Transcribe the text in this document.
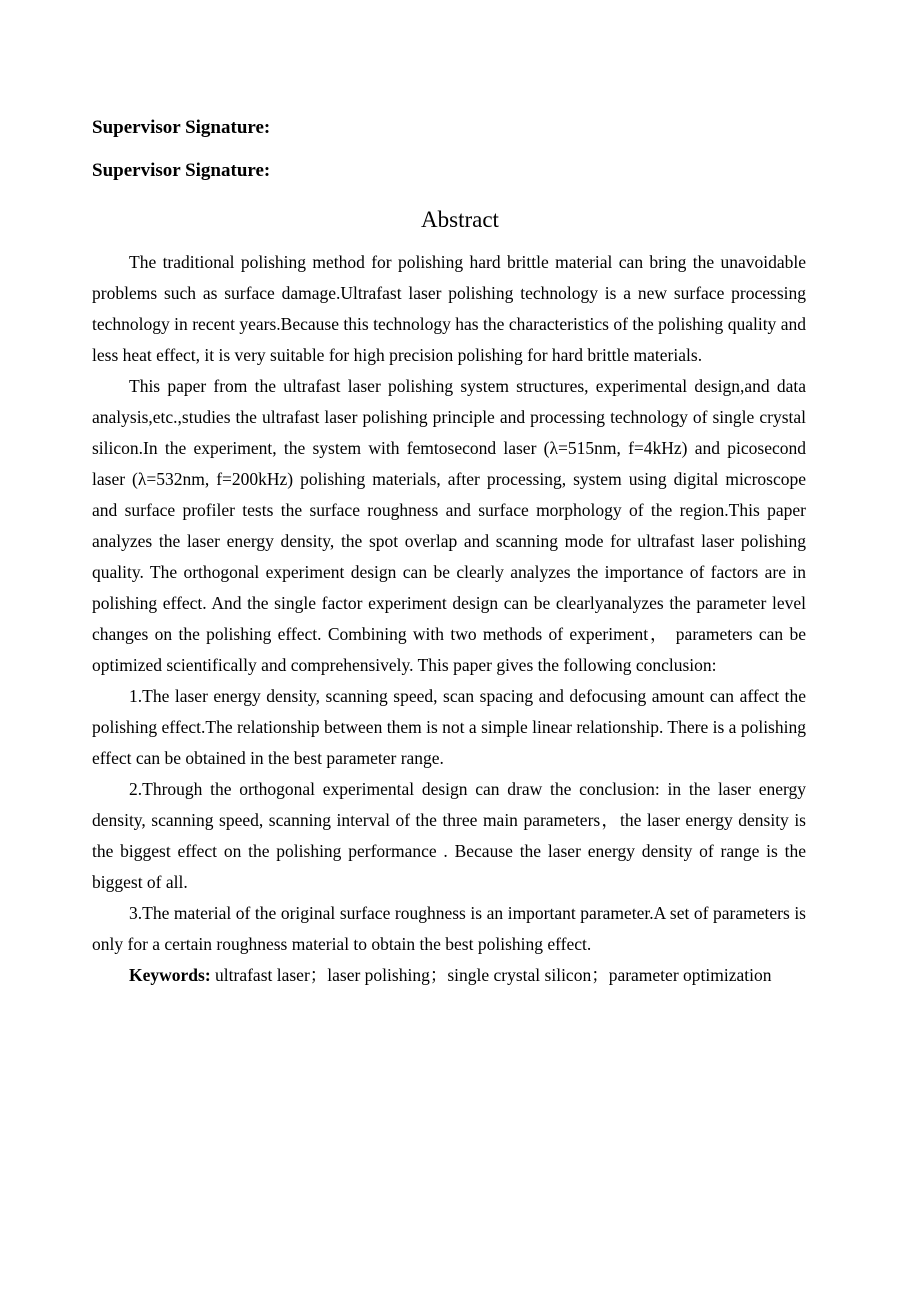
Supervisor Signature:

Supervisor Signature:

Abstract

The traditional polishing method for polishing hard brittle material can bring the unavoidable problems such as surface damage.Ultrafast laser polishing technology is a new surface processing technology in recent years.Because this technology has the characteristics of the polishing quality and less heat effect, it is very suitable for high precision polishing for hard brittle materials.

This paper from the ultrafast laser polishing system structures, experimental design,and data analysis,etc.,studies the ultrafast laser polishing principle and processing technology of single crystal silicon.In the experiment, the system with femtosecond laser (λ=515nm, f=4kHz) and picosecond laser (λ=532nm, f=200kHz) polishing materials, after processing, system using digital microscope and surface profiler tests the surface roughness and surface morphology of the region.This paper analyzes the laser energy density, the spot overlap and scanning mode for ultrafast laser polishing quality. The orthogonal experiment design can be clearly analyzes the importance of factors are in polishing effect. And the single factor experiment design can be clearlyanalyzes the parameter level changes on the polishing effect. Combining with two methods of experiment， parameters can be optimized scientifically and comprehensively. This paper gives the following conclusion:

1.The laser energy density, scanning speed, scan spacing and defocusing amount can affect the polishing effect.The relationship between them is not a simple linear relationship. There is a polishing effect can be obtained in the best parameter range.

2.Through the orthogonal experimental design can draw the conclusion: in the laser energy density, scanning speed, scanning interval of the three main parameters，the laser energy density is the biggest effect on the polishing performance . Because the laser energy density of range is the biggest of all.

3.The material of the original surface roughness is an important parameter.A set of parameters is only for a certain roughness material to obtain the best polishing effect.

Keywords: ultrafast laser；laser polishing；single crystal silicon；parameter optimization
